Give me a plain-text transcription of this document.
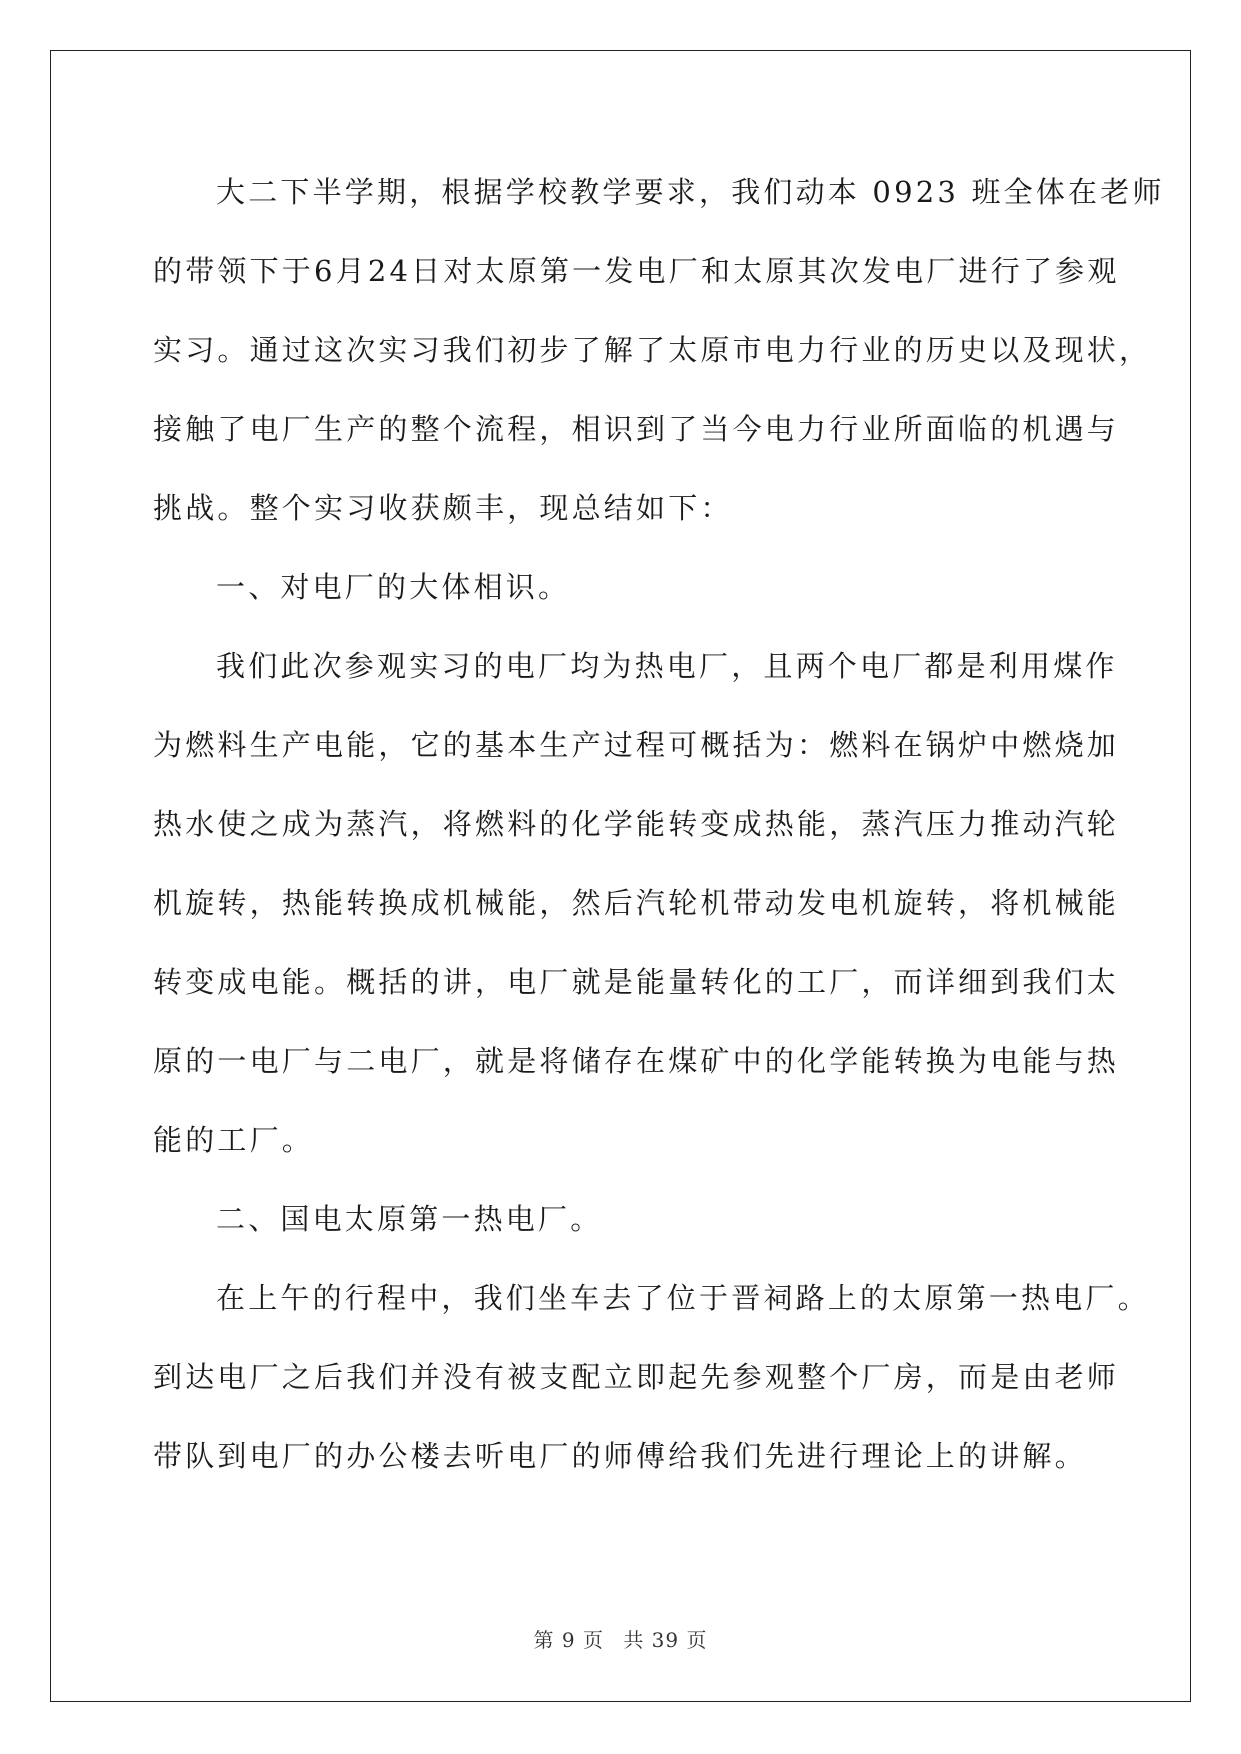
大二下半学期，根据学校教学要求，我们动本 0923 班全体在老师
的带领下于6月24日对太原第一发电厂和太原其次发电厂进行了参观
实习。通过这次实习我们初步了解了太原市电力行业的历史以及现状，
接触了电厂生产的整个流程，相识到了当今电力行业所面临的机遇与
挑战。整个实习收获颇丰，现总结如下：
一、对电厂的大体相识。
我们此次参观实习的电厂均为热电厂，且两个电厂都是利用煤作
为燃料生产电能，它的基本生产过程可概括为：燃料在锅炉中燃烧加
热水使之成为蒸汽，将燃料的化学能转变成热能，蒸汽压力推动汽轮
机旋转，热能转换成机械能，然后汽轮机带动发电机旋转，将机械能
转变成电能。概括的讲，电厂就是能量转化的工厂，而详细到我们太
原的一电厂与二电厂，就是将储存在煤矿中的化学能转换为电能与热
能的工厂。
二、国电太原第一热电厂。
在上午的行程中，我们坐车去了位于晋祠路上的太原第一热电厂。
到达电厂之后我们并没有被支配立即起先参观整个厂房，而是由老师
带队到电厂的办公楼去听电厂的师傅给我们先进行理论上的讲解。
第 9 页 共 39 页
